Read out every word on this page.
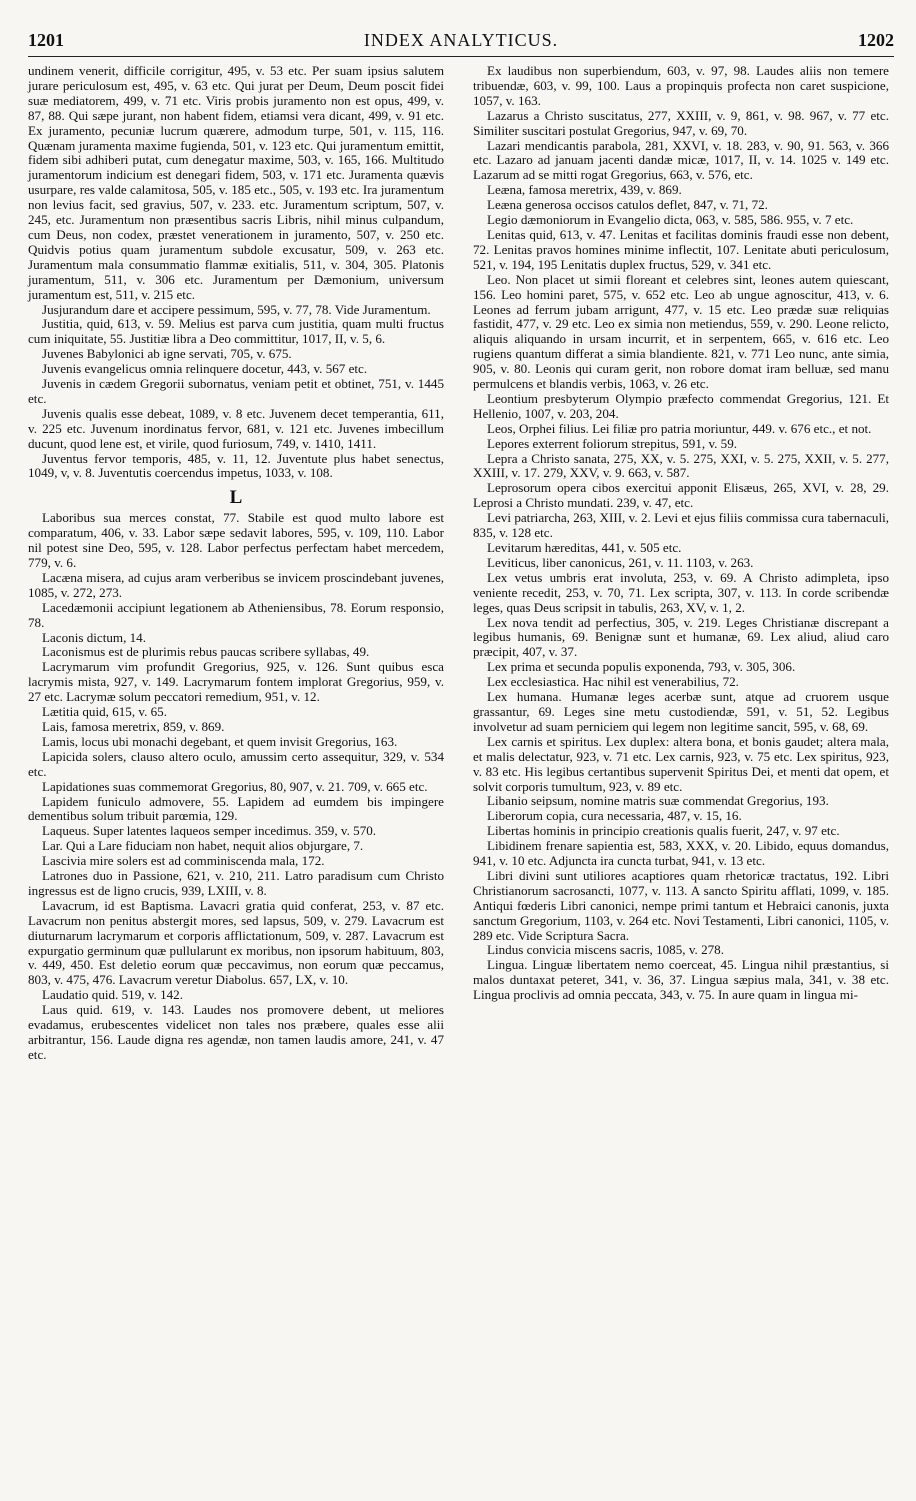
1201	INDEX ANALYTICUS.	1202

undinem venerit, difficile corrigitur, 495, v. 53 etc. Per suam ipsius salutem jurare periculosum est, 495, v. 63 etc. Qui jurat per Deum, Deum poscit fidei suæ mediatorem, 499, v. 71 etc. Viris probis juramento non est opus, 499, v. 87, 88. Qui sæpe jurant, non habent fidem, etiamsi vera dicant, 499, v. 91 etc. Ex juramento, pecuniæ lucrum quærere, admodum turpe, 501, v. 115, 116. Quænam juramenta maxime fugienda, 501, v. 123 etc. Qui juramentum emittit, fidem sibi adhiberi putat, cum denegatur maxime, 503, v. 165, 166. Multitudo juramentorum indicium est denegari fidem, 503, v. 171 etc. Juramenta quævis usurpare, res valde calamitosa, 505, v. 185 etc., 505, v. 193 etc. Ira juramentum non levius facit, sed gravius, 507, v. 233. etc. Juramentum scriptum, 507, v. 245, etc. Juramentum non præsentibus sacris Libris, nihil minus culpandum, cum Deus, non codex, præstet venerationem in juramento, 507, v. 250 etc. Quidvis potius quam juramentum subdole excusatur, 509, v. 263 etc. Juramentum mala consummatio flammæ exitialis, 511, v. 304, 305. Platonis juramentum, 511, v. 306 etc. Juramentum per Dæmonium, universum juramentum est, 511, v. 215 etc.

Jusjurandum dare et accipere pessimum, 595, v. 77, 78. Vide Juramentum.

Justitia, quid, 613, v. 59. Melius est parva cum justitia, quam multi fructus cum iniquitate, 55. Justitiæ libra a Deo committitur, 1017, II, v. 5, 6.

Juvenes Babylonici ab igne servati, 705, v. 675.

Juvenis evangelicus omnia relinquere docetur, 443, v. 567 etc.

Juvenis in cædem Gregorii subornatus, veniam petit et obtinet, 751, v. 1445 etc.

Juvenis qualis esse debeat, 1089, v. 8 etc. Juvenem decet temperantia, 611, v. 225 etc. Juvenum inordinatus fervor, 681, v. 121 etc. Juvenes imbecillum ducunt, quod lene est, et virile, quod furiosum, 749, v. 1410, 1411.

Juventus fervor temporis, 485, v. 11, 12. Juventute plus habet senectus, 1049, v, v. 8. Juventutis coercendus impetus, 1033, v. 108.

L

Laboribus sua merces constat, 77. Stabile est quod multo labore est comparatum, 406, v. 33. Labor sæpe sedavit labores, 595, v. 109, 110. Labor nil potest sine Deo, 595, v. 128. Labor perfectus perfectam habet mercedem, 779, v. 6.

Lacæna misera, ad cujus aram verberibus se invicem proscindebant juvenes, 1085, v. 272, 273.

Lacedæmonii accipiunt legationem ab Atheniensibus, 78. Eorum responsio, 78.

Laconis dictum, 14.

Laconismus est de plurimis rebus paucas scribere syllabas, 49.

Lacrymarum vim profundit Gregorius, 925, v. 126. Sunt quibus esca lacrymis mista, 927, v. 149. Lacrymarum fontem implorat Gregorius, 959, v. 27 etc. Lacrymæ solum peccatori remedium, 951, v. 12.

Lætitia quid, 615, v. 65.

Lais, famosa meretrix, 859, v. 869.

Lamis, locus ubi monachi degebant, et quem invisit Gregorius, 163.

Lapicida solers, clauso altero oculo, amussim certo assequitur, 329, v. 534 etc.

Lapidationes suas commemorat Gregorius, 80, 907, v. 21. 709, v. 665 etc.

Lapidem funiculo admovere, 55. Lapidem ad eumdem bis impingere dementibus solum tribuit parœmia, 129.

Laqueus. Super latentes laqueos semper incedimus. 359, v. 570.

Lar. Qui a Lare fiduciam non habet, nequit alios objurgare, 7.

Lascivia mire solers est ad comminiscenda mala, 172.

Latrones duo in Passione, 621, v. 210, 211. Latro paradisum cum Christo ingressus est de ligno crucis, 939, LXIII, v. 8.

Lavacrum, id est Baptisma. Lavacri gratia quid conferat, 253, v. 87 etc. Lavacrum non penitus abstergit mores, sed lapsus, 509, v. 279. Lavacrum est diuturnarum lacrymarum et corporis afflictationum, 509, v. 287. Lavacrum est expurgatio germinum quæ pullularunt ex moribus, non ipsorum habituum, 803, v. 449, 450. Est deletio eorum quæ peccavimus, non eorum quæ peccamus, 803, v. 475, 476. Lavacrum veretur Diabolus. 657, LX, v. 10.

Laudatio quid. 519, v. 142.

Laus quid. 619, v. 143. Laudes nos promovere debent, ut meliores evadamus, erubescentes videlicet non tales nos præbere, quales esse alii arbitrantur, 156. Laude digna res agendæ, non tamen laudis amore, 241, v. 47 etc.

Ex laudibus non superbiendum, 603, v. 97, 98. Laudes aliis non temere tribuendæ, 603, v. 99, 100. Laus a propinquis profecta non caret suspicione, 1057, v. 163.

Lazarus a Christo suscitatus, 277, XXIII, v. 9, 861, v. 98. 967, v. 77 etc. Similiter suscitari postulat Gregorius, 947, v. 69, 70.

Lazari mendicantis parabola, 281, XXVI, v. 18. 283, v. 90, 91. 563, v. 366 etc. Lazaro ad januam jacenti dandæ micæ, 1017, II, v. 14. 1025 v. 149 etc. Lazarum ad se mitti rogat Gregorius, 663, v. 576, etc.

Leæna, famosa meretrix, 439, v. 869.

Leæna generosa occisos catulos deflet, 847, v. 71, 72.

Legio dæmoniorum in Evangelio dicta, 063, v. 585, 586. 955, v. 7 etc.

Lenitas quid, 613, v. 47. Lenitas et facilitas dominis fraudi esse non debent, 72. Lenitas pravos homines minime inflectit, 107. Lenitate abuti periculosum, 521, v. 194, 195 Lenitatis duplex fructus, 529, v. 341 etc.

Leo. Non placet ut simii floreant et celebres sint, leones autem quiescant, 156. Leo homini paret, 575, v. 652 etc. Leo ab ungue agnoscitur, 413, v. 6. Leones ad ferrum jubam arrigunt, 477, v. 15 etc. Leo prædæ suæ reliquias fastidit, 477, v. 29 etc. Leo ex simia non metiendus, 559, v. 290. Leone relicto, aliquis aliquando in ursam incurrit, et in serpentem, 665, v. 616 etc. Leo rugiens quantum differat a simia blandiente. 821, v. 771 Leo nunc, ante simia, 905, v. 80. Leonis qui curam gerit, non robore domat iram belluæ, sed manu permulcens et blandis verbis, 1063, v. 26 etc.

Leontium presbyterum Olympio præfecto commendat Gregorius, 121. Et Hellenio, 1007, v. 203, 204.

Leos, Orphei filius. Lei filiæ pro patria moriuntur, 449. v. 676 etc., et not.

Lepores exterrent foliorum strepitus, 591, v. 59.

Lepra a Christo sanata, 275, XX, v. 5. 275, XXI, v. 5. 275, XXII, v. 5. 277, XXIII, v. 17. 279, XXV, v. 9. 663, v. 587.

Leprosorum opera cibos exercitui apponit Elisæus, 265, XVI, v. 28, 29. Leprosi a Christo mundati. 239, v. 47, etc.

Levi patriarcha, 263, XIII, v. 2. Levi et ejus filiis commissa cura tabernaculi, 835, v. 128 etc.

Levitarum hæreditas, 441, v. 505 etc.

Leviticus, liber canonicus, 261, v. 11. 1103, v. 263.

Lex vetus umbris erat involuta, 253, v. 69. A Christo adimpleta, ipso veniente recedit, 253, v. 70, 71. Lex scripta, 307, v. 113. In corde scribendæ leges, quas Deus scripsit in tabulis, 263, XV, v. 1, 2.

Lex nova tendit ad perfectius, 305, v. 219. Leges Christianæ discrepant a legibus humanis, 69. Benignæ sunt et humanæ, 69. Lex aliud, aliud caro præcipit, 407, v. 37.

Lex prima et secunda populis exponenda, 793, v. 305, 306.

Lex ecclesiastica. Hac nihil est venerabilius, 72.

Lex humana. Humanæ leges acerbæ sunt, atque ad cruorem usque grassantur, 69. Leges sine metu custodiendæ, 591, v. 51, 52. Legibus involvetur ad suam perniciem qui legem non legitime sancit, 595, v. 68, 69.

Lex carnis et spiritus. Lex duplex: altera bona, et bonis gaudet; altera mala, et malis delectatur, 923, v. 71 etc. Lex carnis, 923, v. 75 etc. Lex spiritus, 923, v. 83 etc. His legibus certantibus supervenit Spiritus Dei, et menti dat opem, et solvit corporis tumultum, 923, v. 89 etc.

Libanio seipsum, nomine matris suæ commendat Gregorius, 193.

Liberorum copia, cura necessaria, 487, v. 15, 16.

Libertas hominis in principio creationis qualis fuerit, 247, v. 97 etc.

Libidinem frenare sapientia est, 583, XXX, v. 20. Libido, equus domandus, 941, v. 10 etc. Adjuncta ira cuncta turbat, 941, v. 13 etc.

Libri divini sunt utiliores acaptiores quam rhetoricæ tractatus, 192. Libri Christianorum sacrosancti, 1077, v. 113. A sancto Spiritu afflati, 1099, v. 185. Antiqui fœderis Libri canonici, nempe primi tantum et Hebraici canonis, juxta sanctum Gregorium, 1103, v. 264 etc. Novi Testamenti, Libri canonici, 1105, v. 289 etc. Vide Scriptura Sacra.

Lindus convicia miscens sacris, 1085, v. 278.

Lingua. Linguæ libertatem nemo coerceat, 45. Lingua nihil præstantius, si malos duntaxat peteret, 341, v. 36, 37. Lingua sæpius mala, 341, v. 38 etc. Lingua proclivis ad omnia peccata, 343, v. 75. In aure quam in lingua mi-
